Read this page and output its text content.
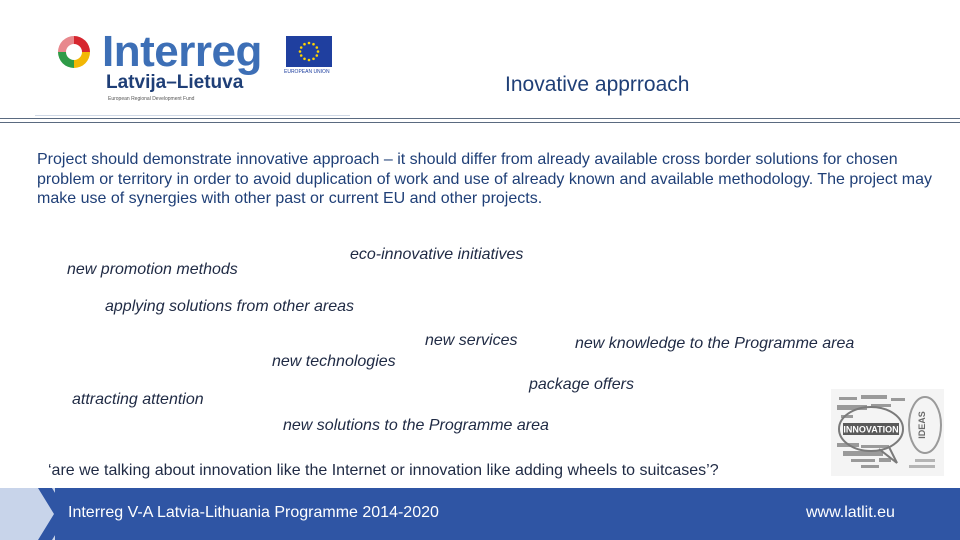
Interreg
Latvija–Lietuva
European Regional Development Fund
EUROPEAN UNION
Inovative apprroach
Project should demonstrate innovative approach – it should differ from already available cross border solutions for chosen problem or territory in order to avoid duplication of work and use of already known and available methodology. The project may make use of synergies with other past or current EU and other projects.
new promotion methods
eco-innovative initiatives
applying solutions from other areas
new services	new knowledge to the Programme area
new technologies
package offers
attracting attention
new solutions to the Programme area	INNOVATION IDEAS
‘are we talking about innovation like the Internet or innovation like adding wheels to suitcases’?
Interreg V-A Latvia-Lithuania Programme 2014-2020	www.latlit.eu
